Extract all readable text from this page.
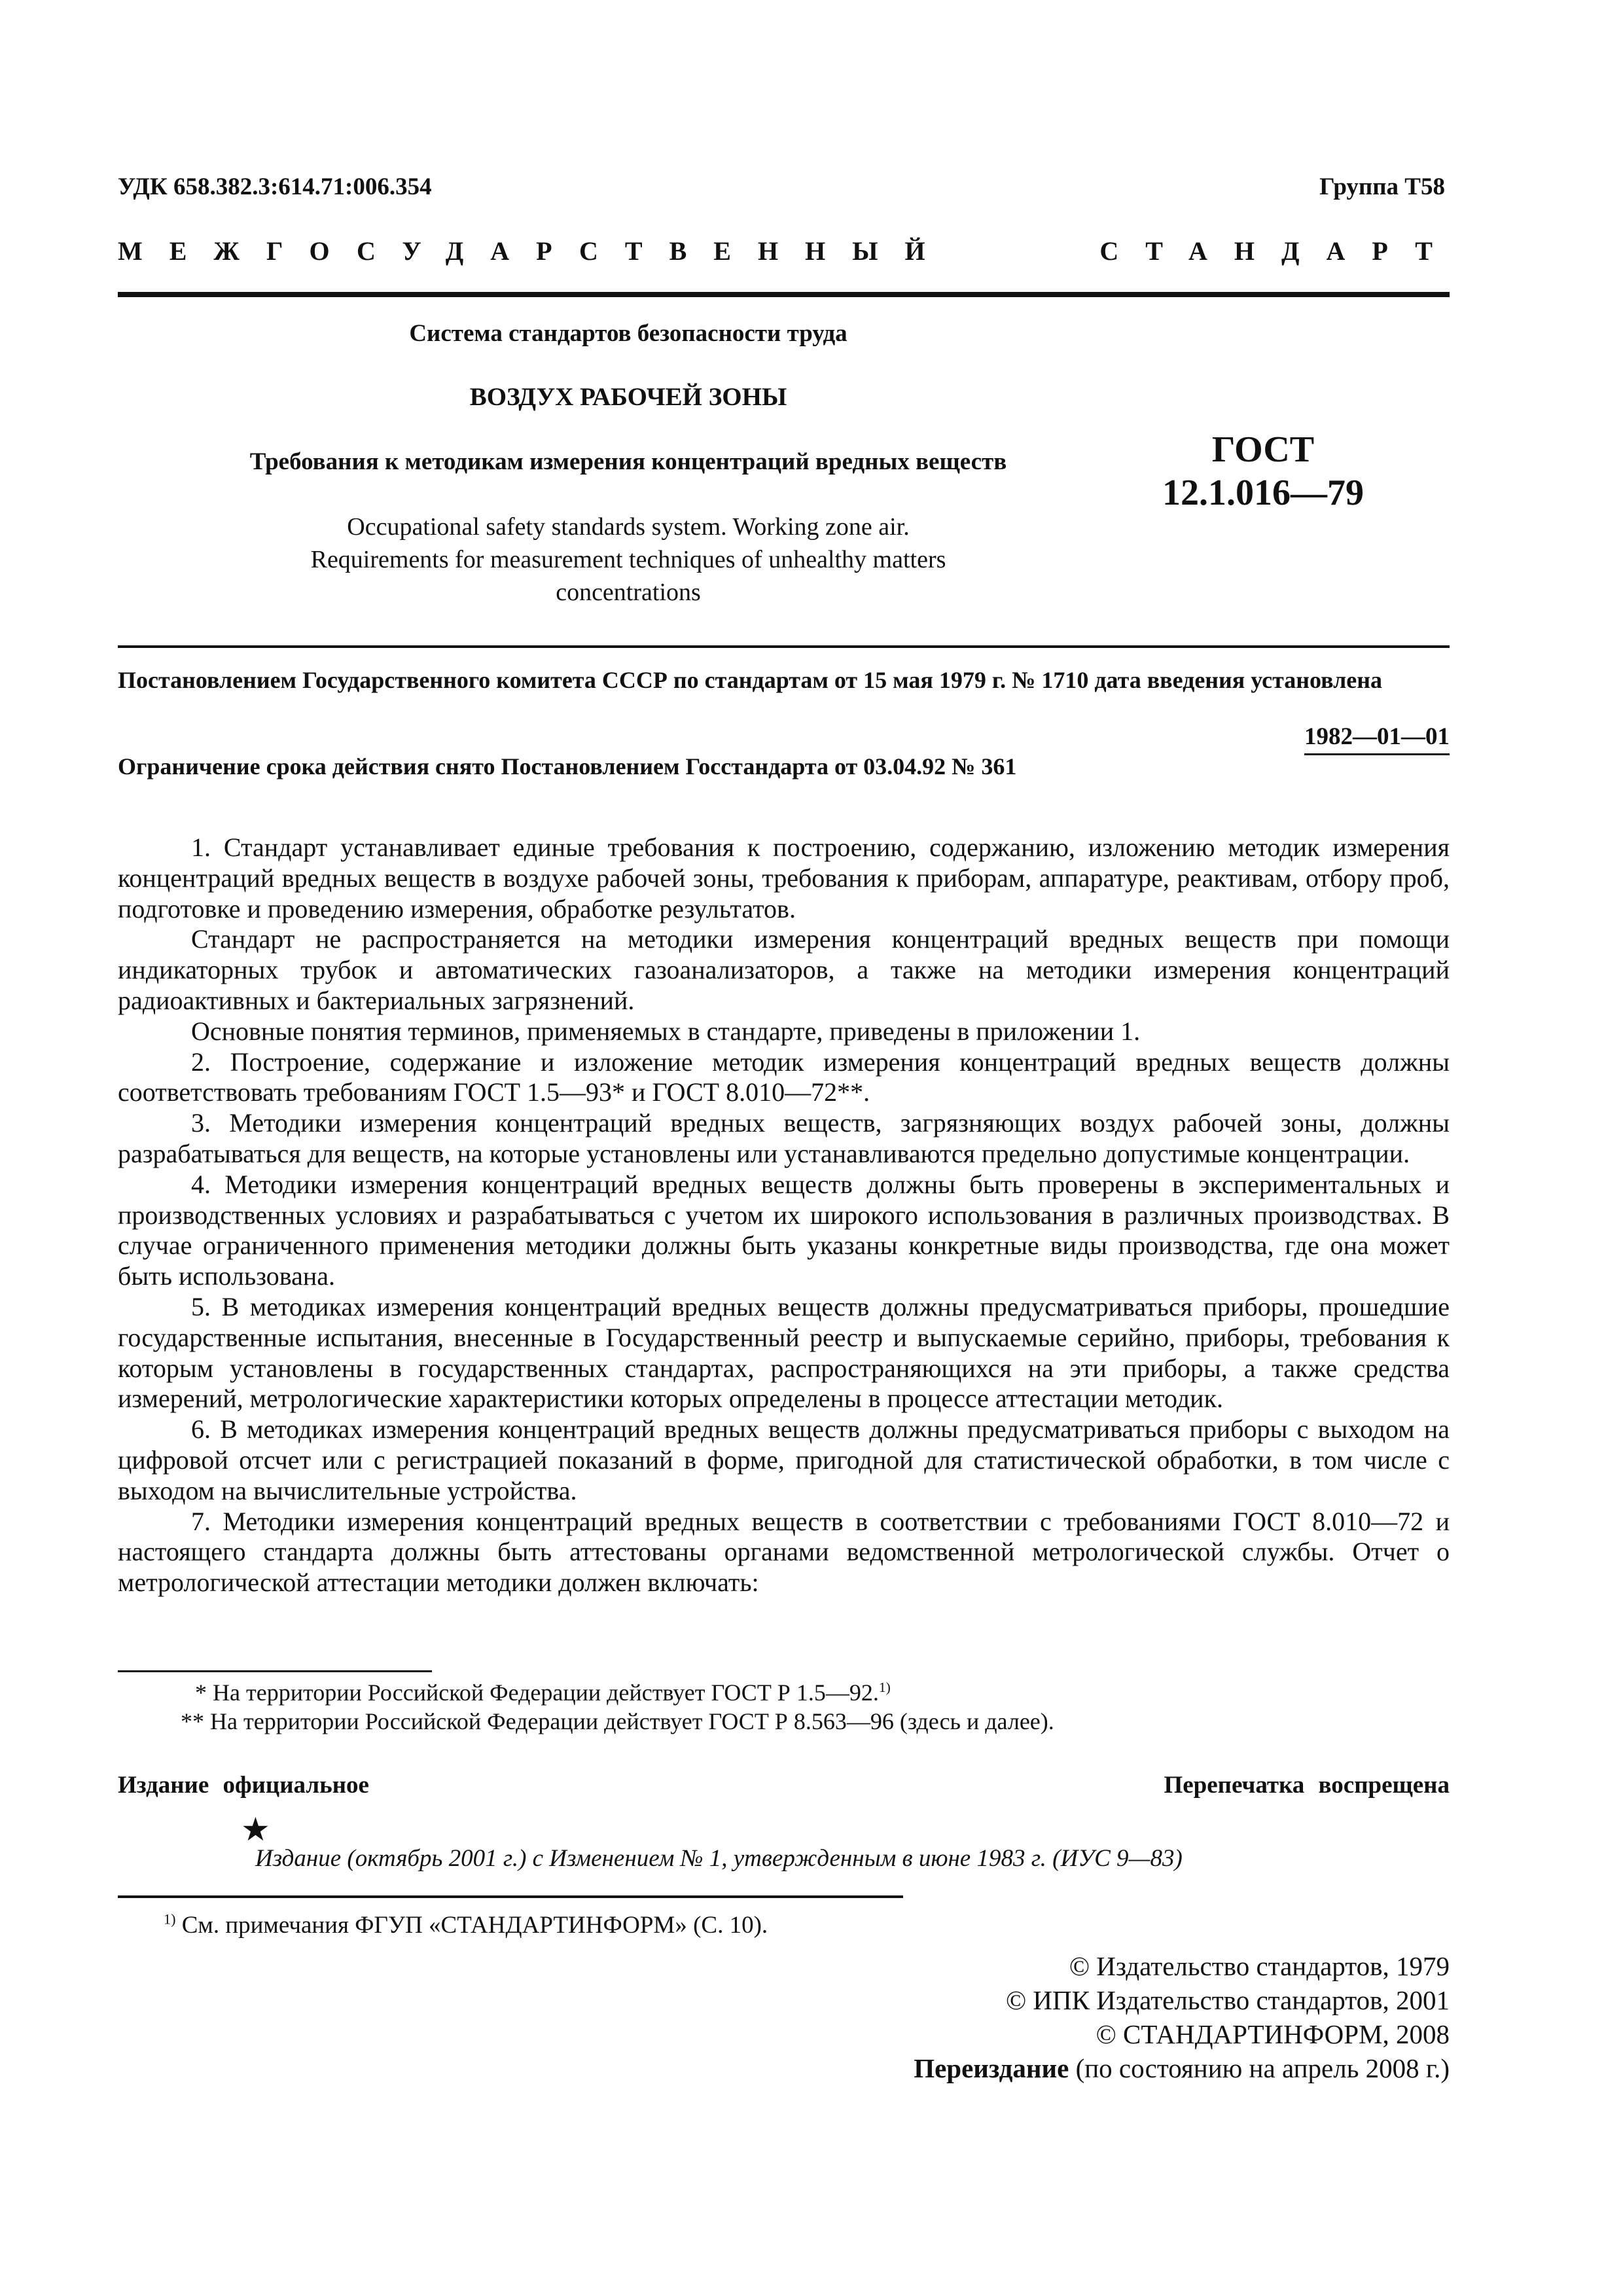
УДК 658.382.3:614.71:006.354	Группа Т58
МЕЖГОСУДАРСТВЕННЫЙ	СТАНДАРТ
Система стандартов безопасности труда
ВОЗДУХ РАБОЧЕЙ ЗОНЫ
Требования к методикам измерения концентраций вредных веществ
Occupational safety standards system. Working zone air.
Requirements for measurement techniques of unhealthy matters
concentrations
ГОСТ
12.1.016—79
Постановлением Государственного комитета СССР по стандартам от 15 мая 1979 г. № 1710 дата введения установлена
1982—01—01
Ограничение срока действия снято Постановлением Госстандарта от 03.04.92 № 361

1. Стандарт устанавливает единые требования к построению, содержанию, изложению методик измерения концентраций вредных веществ в воздухе рабочей зоны, требования к приборам, аппаратуре, реактивам, отбору проб, подготовке и проведению измерения, обработке результатов.

Стандарт не распространяется на методики измерения концентраций вредных веществ при помощи индикаторных трубок и автоматических газоанализаторов, а также на методики измерения концентраций радиоактивных и бактериальных загрязнений.

Основные понятия терминов, применяемых в стандарте, приведены в приложении 1.

2. Построение, содержание и изложение методик измерения концентраций вредных веществ должны соответствовать требованиям ГОСТ 1.5—93* и ГОСТ 8.010—72**.

3. Методики измерения концентраций вредных веществ, загрязняющих воздух рабочей зоны, должны разрабатываться для веществ, на которые установлены или устанавливаются предельно допустимые концентрации.

4. Методики измерения концентраций вредных веществ должны быть проверены в экспериментальных и производственных условиях и разрабатываться с учетом их широкого использования в различных производствах. В случае ограниченного применения методики должны быть указаны конкретные виды производства, где она может быть использована.

5. В методиках измерения концентраций вредных веществ должны предусматриваться приборы, прошедшие государственные испытания, внесенные в Государственный реестр и выпускаемые серийно, приборы, требования к которым установлены в государственных стандартах, распространяющихся на эти приборы, а также средства измерений, метрологические характеристики которых определены в процессе аттестации методик.

6. В методиках измерения концентраций вредных веществ должны предусматриваться приборы с выходом на цифровой отсчет или с регистрацией показаний в форме, пригодной для статистической обработки, в том числе с выходом на вычислительные устройства.

7. Методики измерения концентраций вредных веществ в соответствии с требованиями ГОСТ 8.010—72 и настоящего стандарта должны быть аттестованы органами ведомственной метрологической службы. Отчет о метрологической аттестации методики должен включать:

* На территории Российской Федерации действует ГОСТ Р 1.5—92.$^{1)}$
** На территории Российской Федерации действует ГОСТ Р 8.563—96 (здесь и далее).
Издание официальное	Перепечатка воспрещена
★
Издание (октябрь 2001 г.) с Изменением № 1, утвержденным в июне 1983 г. (ИУС 9—83)
$^{1)}$ См. примечания ФГУП «СТАНДАРТИНФОРМ» (С. 10).
© Издательство стандартов, 1979
© ИПК Издательство стандартов, 2001
© СТАНДАРТИНФОРМ, 2008
Переиздание (по состоянию на апрель 2008 г.)
